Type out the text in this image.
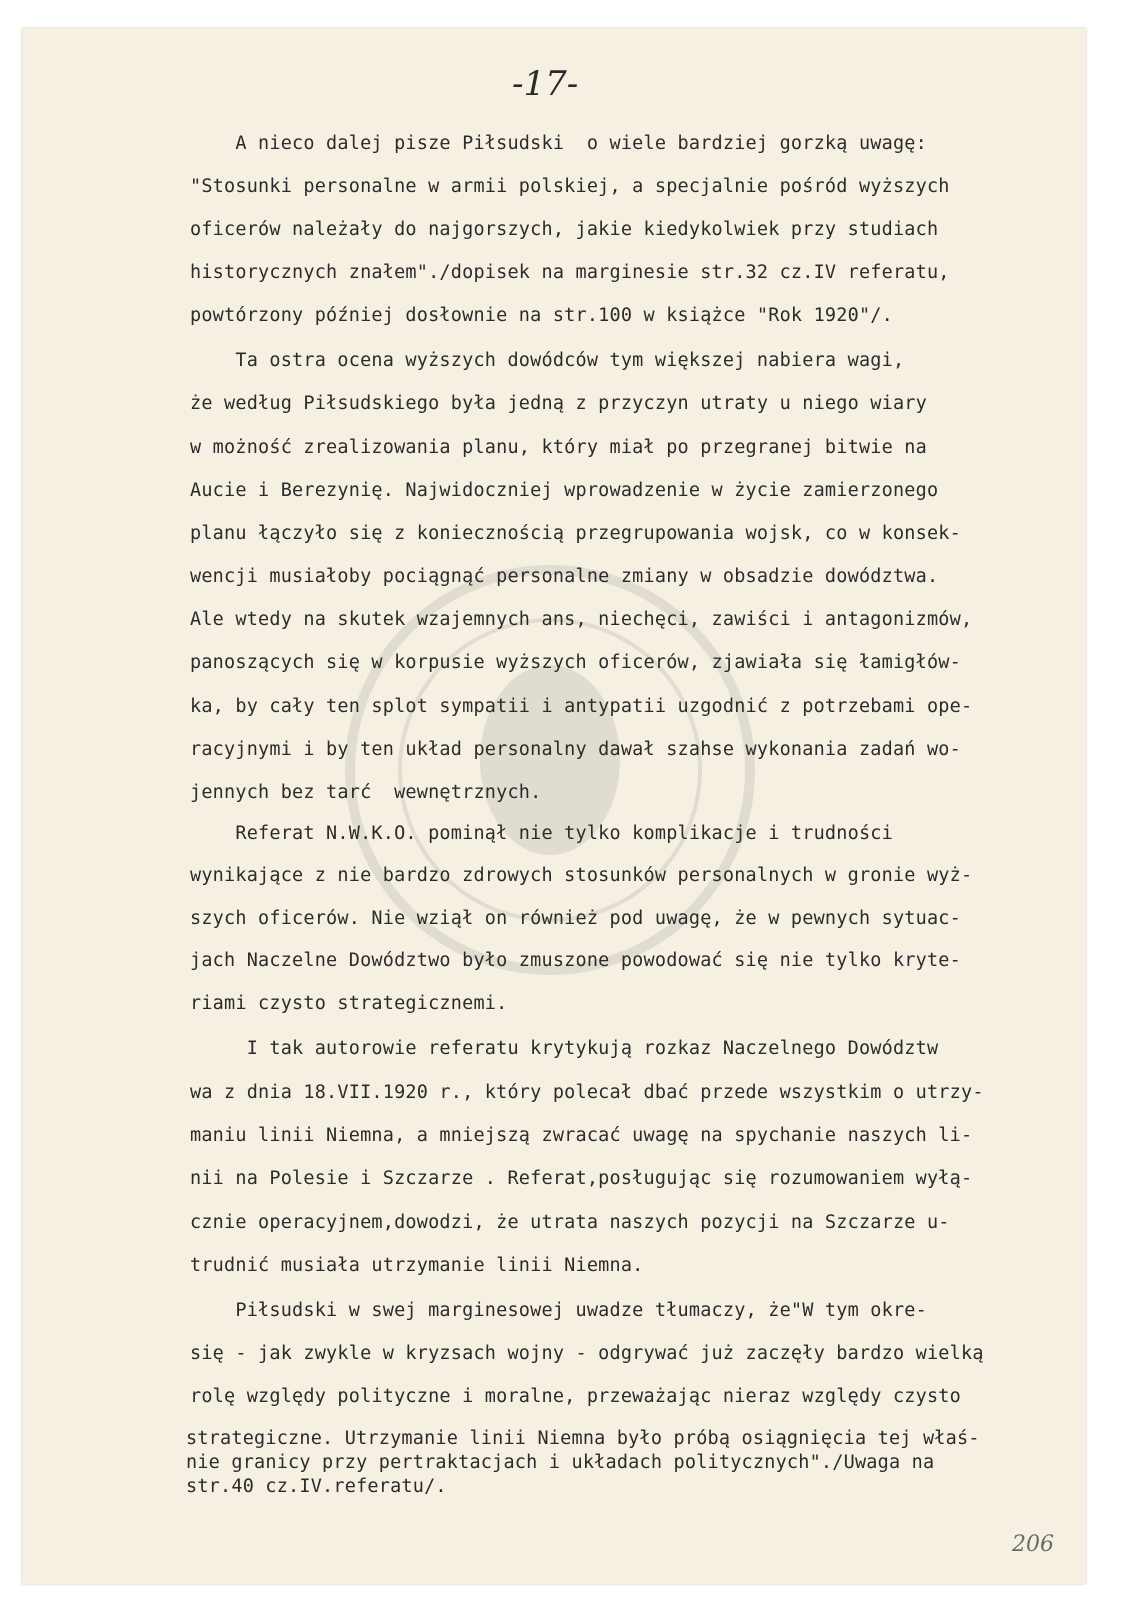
-17-
A nieco dalej pisze Piłsudski  o wiele bardziej gorzką uwagę:
"Stosunki personalne w armii polskiej, a specjalnie pośród wyższych
oficerów należały do najgorszych, jakie kiedykolwiek przy studiach
historycznych znałem"./dopisek na marginesie str.32 cz.IV referatu,
powtórzony później dosłownie na str.100 w książce "Rok 1920"/.
Ta ostra ocena wyższych dowódców tym większej nabiera wagi,
że według Piłsudskiego była jedną z przyczyn utraty u niego wiary
w możność zrealizowania planu, który miał po przegranej bitwie na
Aucie i Berezynię. Najwidoczniej wprowadzenie w życie zamierzonego
planu łączyło się z koniecznością przegrupowania wojsk, co w konsek-
wencji musiałoby pociągnąć personalne zmiany w obsadzie dowództwa.
Ale wtedy na skutek wzajemnych ans, niechęci, zawiści i antagonizmów,
panoszących się w korpusie wyższych oficerów, zjawiała się łamigłów-
ka, by cały ten splot sympatii i antypatii uzgodnić z potrzebami ope-
racyjnymi i by ten układ personalny dawał szahse wykonania zadań wo-
jennych bez tarć  wewnętrznych.
Referat N.W.K.O. pominął nie tylko komplikacje i trudności
wynikające z nie bardzo zdrowych stosunków personalnych w gronie wyż-
szych oficerów. Nie wziął on również pod uwagę, że w pewnych sytuac-
jach Naczelne Dowództwo było zmuszone powodować się nie tylko kryte-
riami czysto strategicznemi.
I tak autorowie referatu krytykują rozkaz Naczelnego Dowództw
wa z dnia 18.VII.1920 r., który polecał dbać przede wszystkim o utrzy-
maniu linii Niemna, a mniejszą zwracać uwagę na spychanie naszych li-
nii na Polesie i Szczarze . Referat,posługując się rozumowaniem wyłą-
cznie operacyjnem,dowodzi, że utrata naszych pozycji na Szczarze u-
trudnić musiała utrzymanie linii Niemna.
Piłsudski w swej marginesowej uwadze tłumaczy, że"W tym okre-
się - jak zwykle w kryzsach wojny - odgrywać już zaczęły bardzo wielką
rolę względy polityczne i moralne, przeważając nieraz względy czysto
strategiczne. Utrzymanie linii Niemna było próbą osiągnięcia tej właś-
nie granicy przy pertraktacjach i układach politycznych"./Uwaga na
str.40 cz.IV.referatu/.
206
